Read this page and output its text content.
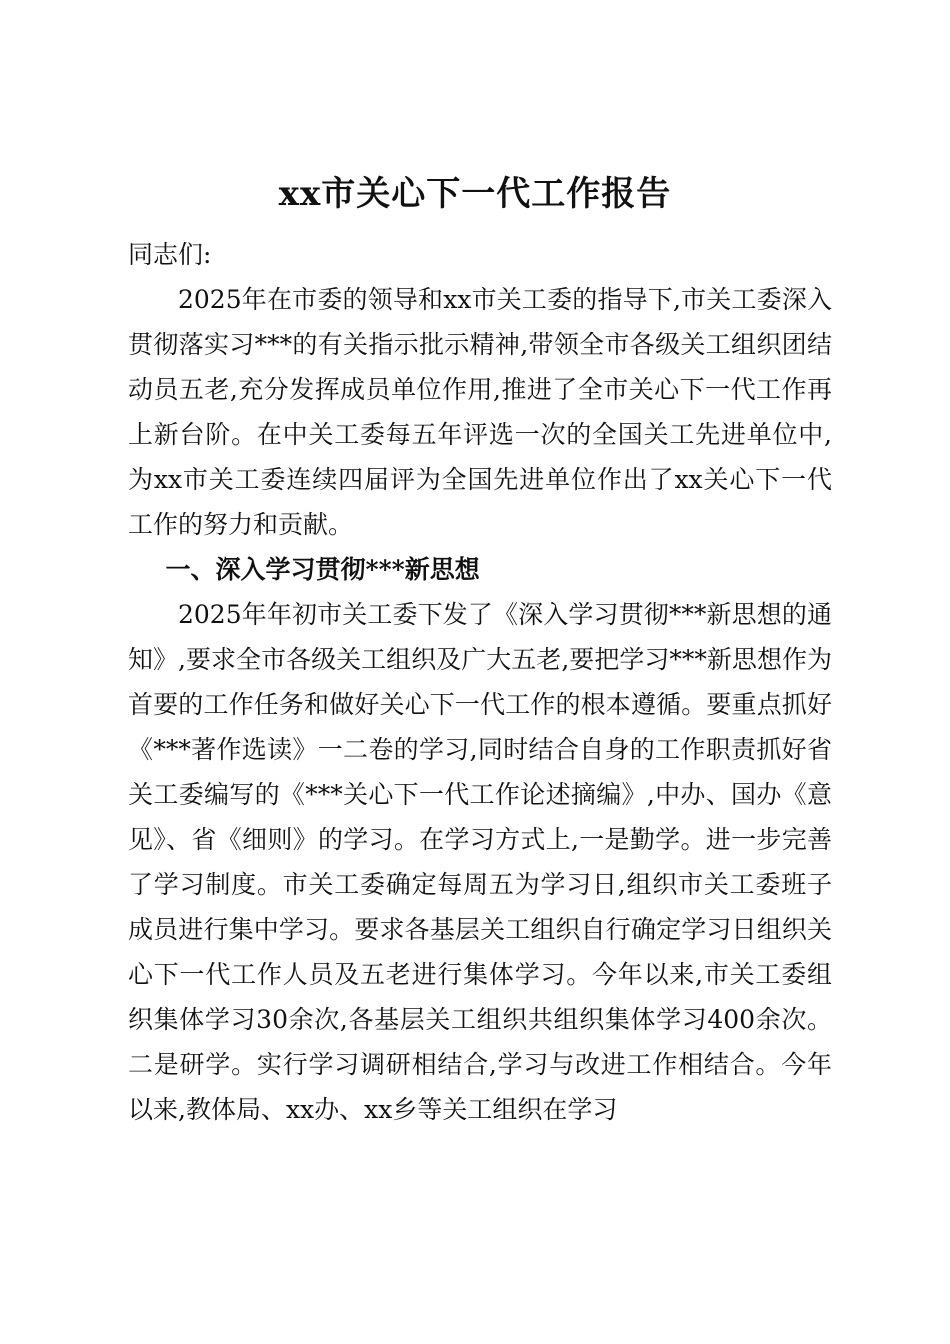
xx市关心下一代工作报告

同志们:

2025年在市委的领导和xx市关工委的指导下,市关工委深入贯彻落实习***的有关指示批示精神,带领全市各级关工组织团结动员五老,充分发挥成员单位作用,推进了全市关心下一代工作再上新台阶。在中关工委每五年评选一次的全国关工先进单位中,为xx市关工委连续四届评为全国先进单位作出了xx关心下一代工作的努力和贡献。

一、深入学习贯彻***新思想

2025年年初市关工委下发了《深入学习贯彻***新思想的通知》,要求全市各级关工组织及广大五老,要把学习***新思想作为首要的工作任务和做好关心下一代工作的根本遵循。要重点抓好《***著作选读》一二卷的学习,同时结合自身的工作职责抓好省关工委编写的《***关心下一代工作论述摘编》,中办、国办《意见》、省《细则》的学习。在学习方式上,一是勤学。进一步完善了学习制度。市关工委确定每周五为学习日,组织市关工委班子成员进行集中学习。要求各基层关工组织自行确定学习日组织关心下一代工作人员及五老进行集体学习。今年以来,市关工委组织集体学习30余次,各基层关工组织共组织集体学习400余次。二是研学。实行学习调研相结合,学习与改进工作相结合。今年以来,教体局、xx办、xx乡等关工组织在学习
